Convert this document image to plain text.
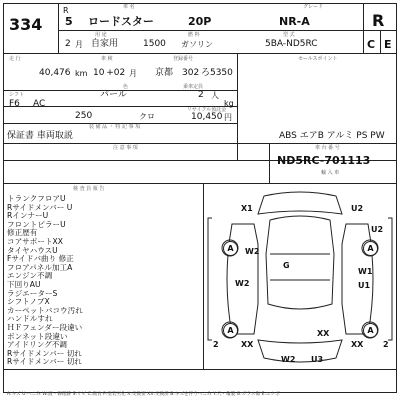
334
R
5
車 名
ロードスター	20P
グレード
NR-A	R
2 月
用 途
自家用	1500
燃 料
ガソリン
型 式
5BA-ND5RC	C E
走 行
40,476 km
車 検
10 +02 月
登録番号
京都 302 ろ5350
セールスポイント
シフト
F6 AC
色
パール
乗車定員
2 人
kg
250	クロ
リサイクル預託金
10,450 円
装 備 品 ・ 特 記 事 項
保証書 車両取説	ABS エアB アルミ PS PW
注 意 事 項	車 台 番 号
ND5RC-701113
輸 入 車
検 査 員 報 告
トランクフロアU
Rサイドメンバー U
RインナーU
フロントピラーU
修正歴有
コアサポートXX
タイヤハウスU
Fサイドバ曲り 修正
フロアパネル加工A
エンジン不調
下回りAU
ラジエーターS
シフトノブX
カーペットバコウ汚れ
ハンドルすれ
ＨＦフェンダー段違い
ボンネット段違い
アイドリング不調
Rサイドメンバー 切れ
Rサイドメンバー 切れ
X1	U2
W2
G
W2
W1
U1
XX
XX
XX
W2 U3
U2
2	2
A	A
A	A
A:キズ U:へこみ W:波・修理跡 S:サビ C:腐食 P:塗装劣化 X:交換要 XX:交換済 B:キズを伴うへこみ Y:穴・亀裂 G:ガラス傷 E:エクボ
